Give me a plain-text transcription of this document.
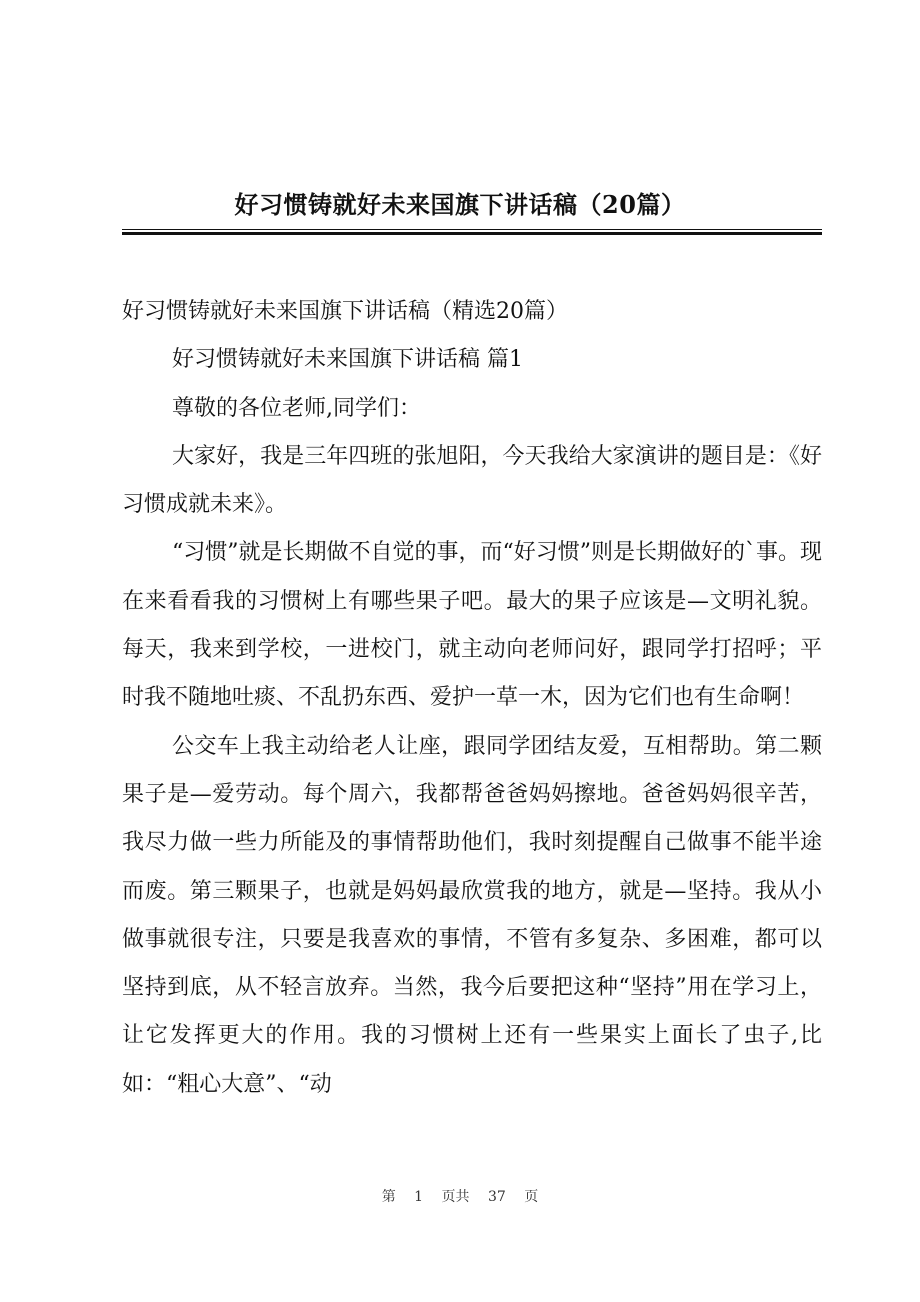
好习惯铸就好未来国旗下讲话稿（20篇）

好习惯铸就好未来国旗下讲话稿（精选20篇）

好习惯铸就好未来国旗下讲话稿 篇1

尊敬的各位老师,同学们：

大家好，我是三年四班的张旭阳，今天我给大家演讲的题目是：《好习惯成就未来》。

“习惯”就是长期做不自觉的事，而“好习惯”则是长期做好的`事。现在来看看我的习惯树上有哪些果子吧。最大的果子应该是—文明礼貌。每天，我来到学校，一进校门，就主动向老师问好，跟同学打招呼；平时我不随地吐痰、不乱扔东西、爱护一草一木，因为它们也有生命啊！

公交车上我主动给老人让座，跟同学团结友爱，互相帮助。第二颗果子是—爱劳动。每个周六，我都帮爸爸妈妈擦地。爸爸妈妈很辛苦，我尽力做一些力所能及的事情帮助他们，我时刻提醒自己做事不能半途而废。第三颗果子，也就是妈妈最欣赏我的地方，就是—坚持。我从小做事就很专注，只要是我喜欢的事情，不管有多复杂、多困难，都可以坚持到底，从不轻言放弃。当然，我今后要把这种“坚持”用在学习上，让它发挥更大的作用。我的习惯树上还有一些果实上面长了虫子,比如：“粗心大意”、“动

第 1 页共 37 页
